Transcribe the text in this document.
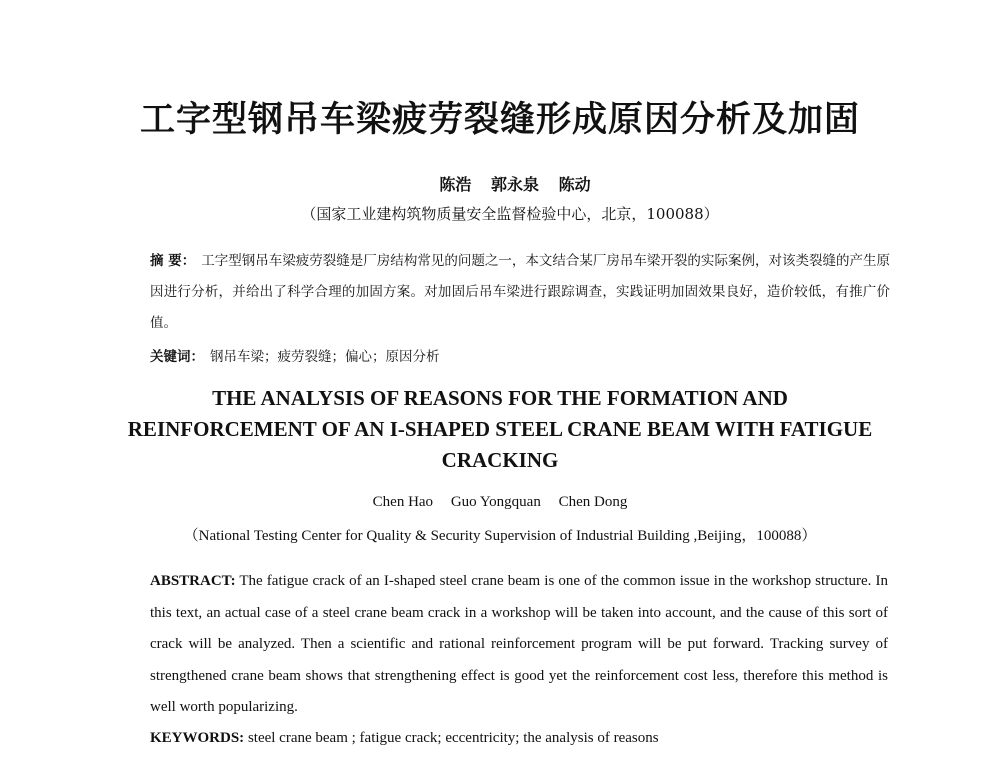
工字型钢吊车梁疲劳裂缝形成原因分析及加固
陈浩 郭永泉 陈动
（国家工业建构筑物质量安全监督检验中心，北京，100088）
摘 要： 工字型钢吊车梁疲劳裂缝是厂房结构常见的问题之一，本文结合某厂房吊车梁开裂的实际案例，对该类裂缝的产生原因进行分析，并给出了科学合理的加固方案。对加固后吊车梁进行跟踪调查，实践证明加固效果良好，造价较低，有推广价值。
关键词： 钢吊车梁；疲劳裂缝；偏心；原因分析
THE ANALYSIS OF REASONS FOR THE FORMATION AND
REINFORCEMENT OF AN I-SHAPED STEEL CRANE BEAM WITH FATIGUE
CRACKING
Chen Hao Guo Yongquan Chen Dong
（National Testing Center for Quality & Security Supervision of Industrial Building ,Beijing，100088）
ABSTRACT: The fatigue crack of an I-shaped steel crane beam is one of the common issue in the workshop structure. In this text, an actual case of a steel crane beam crack in a workshop will be taken into account, and the cause of this sort of crack will be analyzed. Then a scientific and rational reinforcement program will be put forward. Tracking survey of strengthened crane beam shows that strengthening effect is good yet the reinforcement cost less, therefore this method is well worth popularizing.
KEYWORDS: steel crane beam ; fatigue crack; eccentricity; the analysis of reasons
